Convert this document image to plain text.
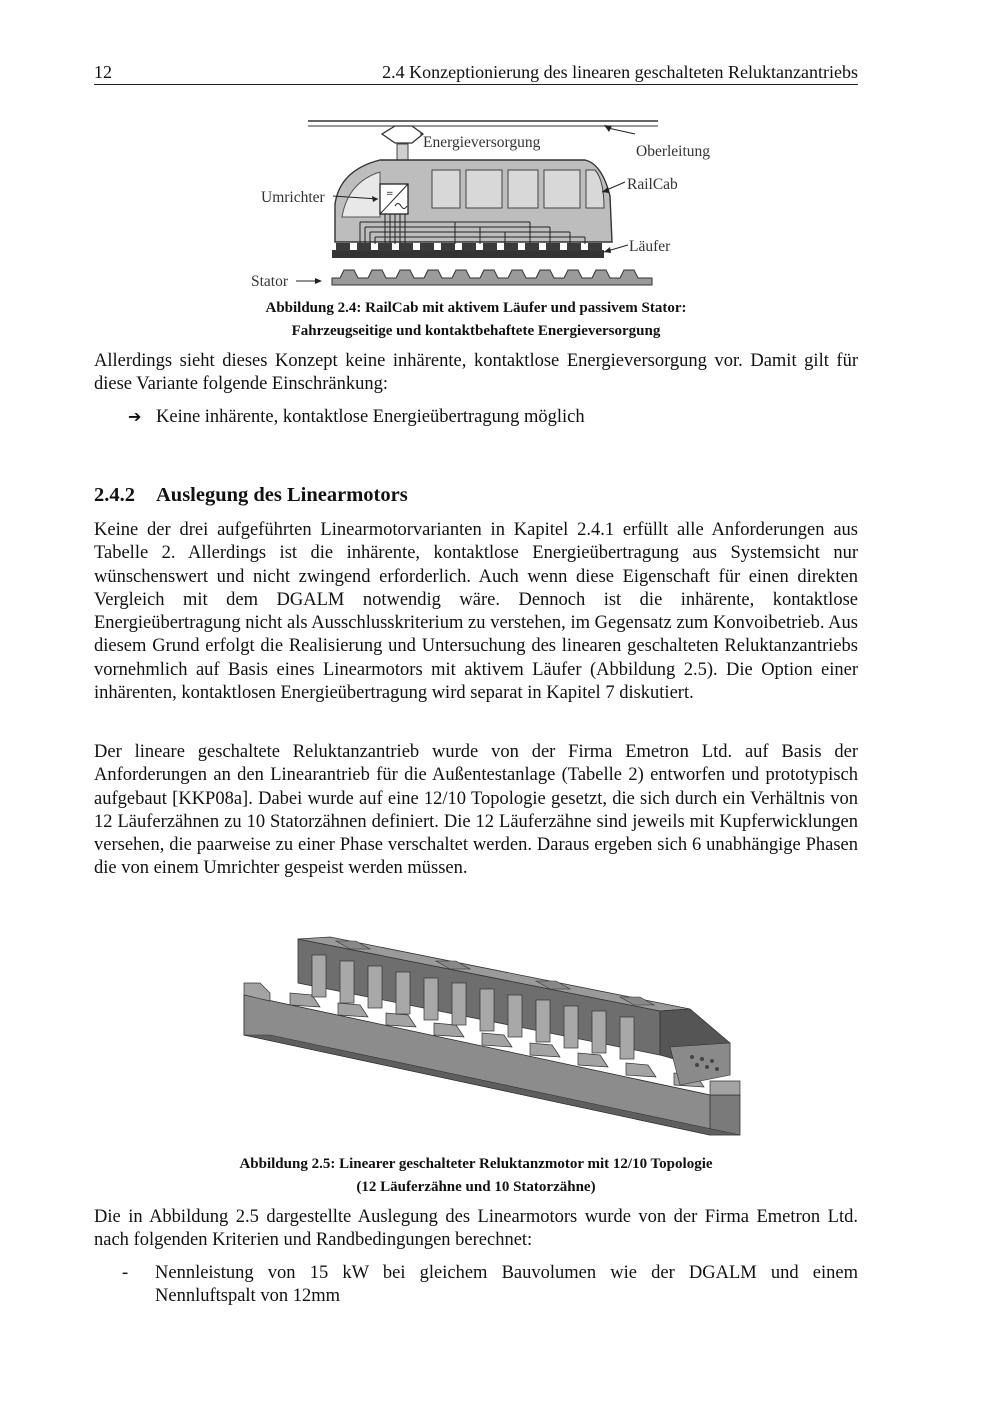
12	2.4 Konzeptionierung des linearen geschalteten Reluktanzantriebs
=
Energieversorgung
Oberleitung
RailCab
Umrichter
Läufer
Stator
Abbildung 2.4: RailCab mit aktivem Läufer und passivem Stator:
Fahrzeugseitige und kontaktbehaftete Energieversorgung
Allerdings sieht dieses Konzept keine inhärente, kontaktlose Energieversorgung vor. Damit gilt für diese Variante folgende Einschränkung:
➔ Keine inhärente, kontaktlose Energieübertragung möglich
2.4.2 Auslegung des Linearmotors
Keine der drei aufgeführten Linearmotorvarianten in Kapitel 2.4.1 erfüllt alle Anforderungen aus Tabelle 2. Allerdings ist die inhärente, kontaktlose Energieübertragung aus Systemsicht nur wünschenswert und nicht zwingend erforderlich. Auch wenn diese Eigenschaft für einen direkten Vergleich mit dem DGALM notwendig wäre. Dennoch ist die inhärente, kontaktlose Energieübertragung nicht als Ausschlusskriterium zu verstehen, im Gegensatz zum Konvoibetrieb. Aus diesem Grund erfolgt die Realisierung und Untersuchung des linearen geschalteten Reluktanzantriebs vornehmlich auf Basis eines Linearmotors mit aktivem Läufer (Abbildung 2.5). Die Option einer inhärenten, kontaktlosen Energieübertragung wird separat in Kapitel 7 diskutiert.
Der lineare geschaltete Reluktanzantrieb wurde von der Firma Emetron Ltd. auf Basis der Anforderungen an den Linearantrieb für die Außentestanlage (Tabelle 2) entworfen und prototypisch aufgebaut [KKP08a]. Dabei wurde auf eine 12/10 Topologie gesetzt, die sich durch ein Verhältnis von 12 Läuferzähnen zu 10 Statorzähnen definiert. Die 12 Läuferzähne sind jeweils mit Kupferwicklungen versehen, die paarweise zu einer Phase verschaltet werden. Daraus ergeben sich 6 unabhängige Phasen die von einem Umrichter gespeist werden müssen.
Abbildung 2.5: Linearer geschalteter Reluktanzmotor mit 12/10 Topologie
(12 Läuferzähne und 10 Statorzähne)
Die in Abbildung 2.5 dargestellte Auslegung des Linearmotors wurde von der Firma Emetron Ltd. nach folgenden Kriterien und Randbedingungen berechnet:
- Nennleistung von 15 kW bei gleichem Bauvolumen wie der DGALM und einem Nennluftspalt von 12mm
